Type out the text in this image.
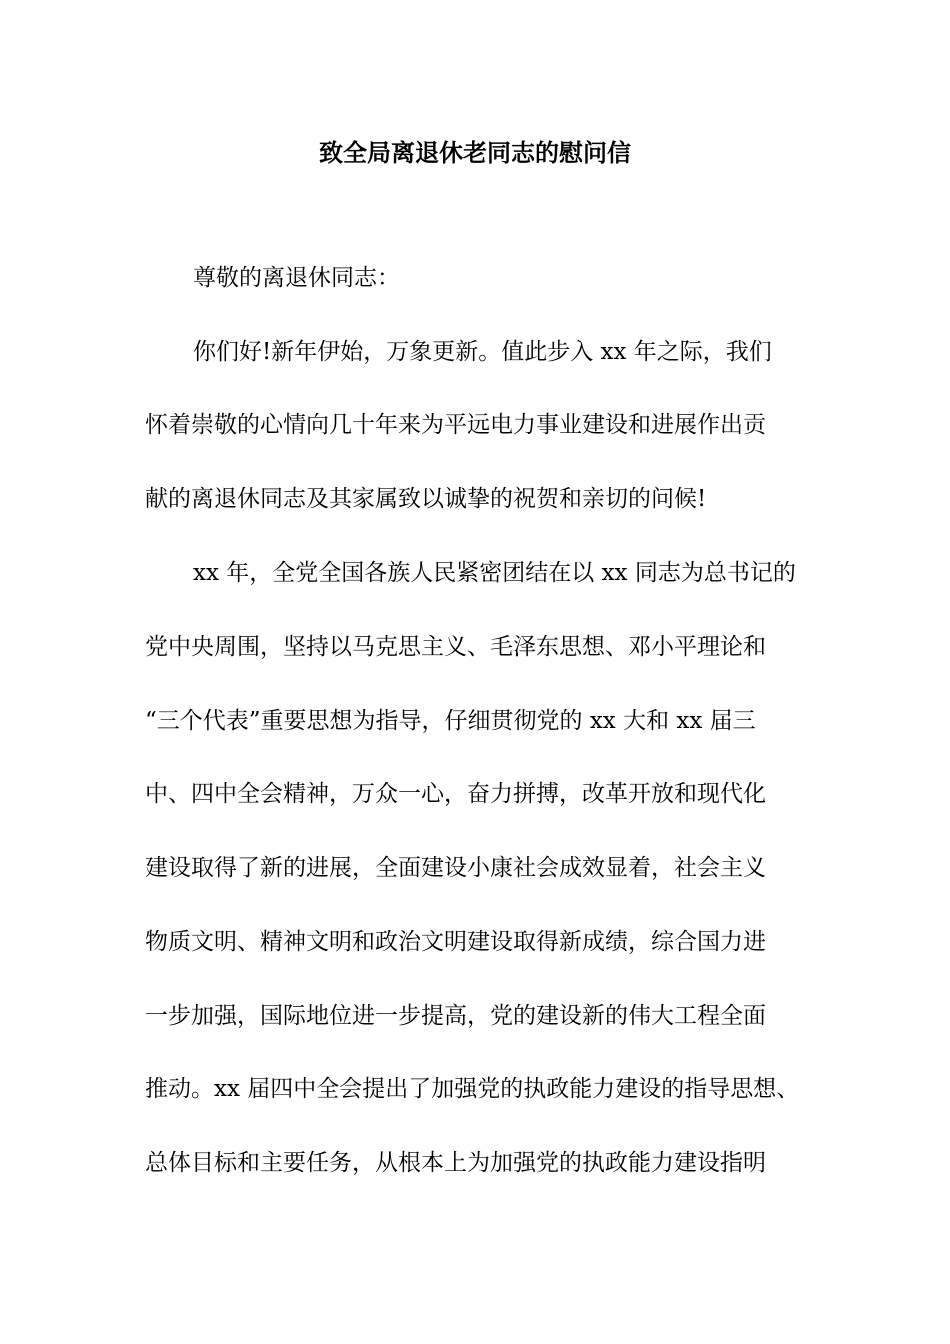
致全局离退休老同志的慰问信
尊敬的离退休同志：
你们好!新年伊始，万象更新。值此步入 xx 年之际，我们
怀着崇敬的心情向几十年来为平远电力事业建设和进展作出贡
献的离退休同志及其家属致以诚挚的祝贺和亲切的问候!
xx 年，全党全国各族人民紧密团结在以 xx 同志为总书记的
党中央周围，坚持以马克思主义、毛泽东思想、邓小平理论和
“三个代表”重要思想为指导，仔细贯彻党的 xx 大和 xx 届三
中、四中全会精神，万众一心，奋力拼搏，改革开放和现代化
建设取得了新的进展，全面建设小康社会成效显着，社会主义
物质文明、精神文明和政治文明建设取得新成绩，综合国力进
一步加强，国际地位进一步提高，党的建设新的伟大工程全面
推动。xx 届四中全会提出了加强党的执政能力建设的指导思想、
总体目标和主要任务，从根本上为加强党的执政能力建设指明
